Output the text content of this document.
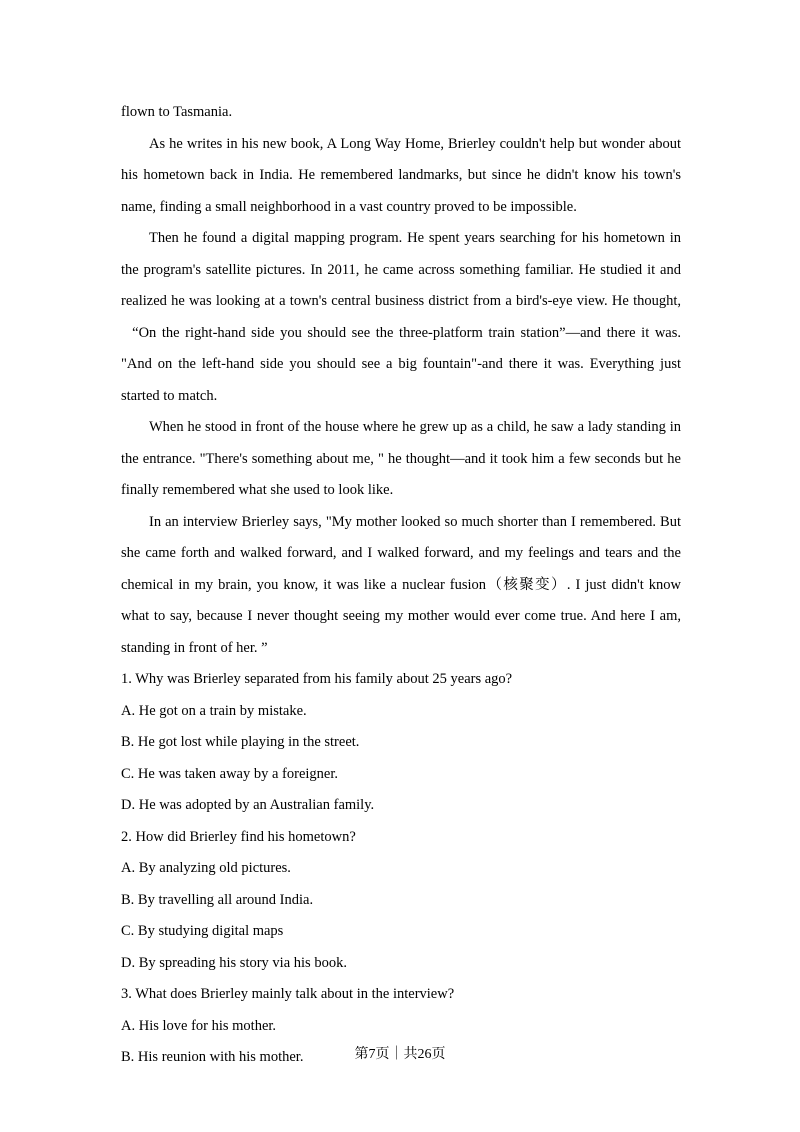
flown to Tasmania.

As he writes in his new book, A Long Way Home, Brierley couldn't help but wonder about his hometown back in India. He remembered landmarks, but since he didn't know his town's name, finding a small neighborhood in a vast country proved to be impossible.

Then he found a digital mapping program. He spent years searching for his hometown in the program's satellite pictures. In 2011, he came across something familiar. He studied it and realized he was looking at a town's central business district from a bird's-eye view. He thought,   “On the right-hand side you should see the three-platform train station”—and there it was. "And on the left-hand side you should see a big fountain"-and there it was. Everything just started to match.

When he stood in front of the house where he grew up as a child, he saw a lady standing in the entrance. "There's something about me, " he thought—and it took him a few seconds but he finally remembered what she used to look like.

In an interview Brierley says, "My mother looked so much shorter than I remembered. But she came forth and walked forward, and I walked forward, and my feelings and tears and the chemical in my brain, you know, it was like a nuclear fusion（核聚变）. I just didn't know what to say, because I never thought seeing my mother would ever come true. And here I am, standing in front of her. ”

1. Why was Brierley separated from his family about 25 years ago?

A. He got on a train by mistake.

B. He got lost while playing in the street.

C. He was taken away by a foreigner.

D. He was adopted by an Australian family.

2. How did Brierley find his hometown?

A. By analyzing old pictures.

B. By travelling all around India.

C. By studying digital maps

D. By spreading his story via his book.

3. What does Brierley mainly talk about in the interview?

A. His love for his mother.

B. His reunion with his mother.	第7页｜共26页
